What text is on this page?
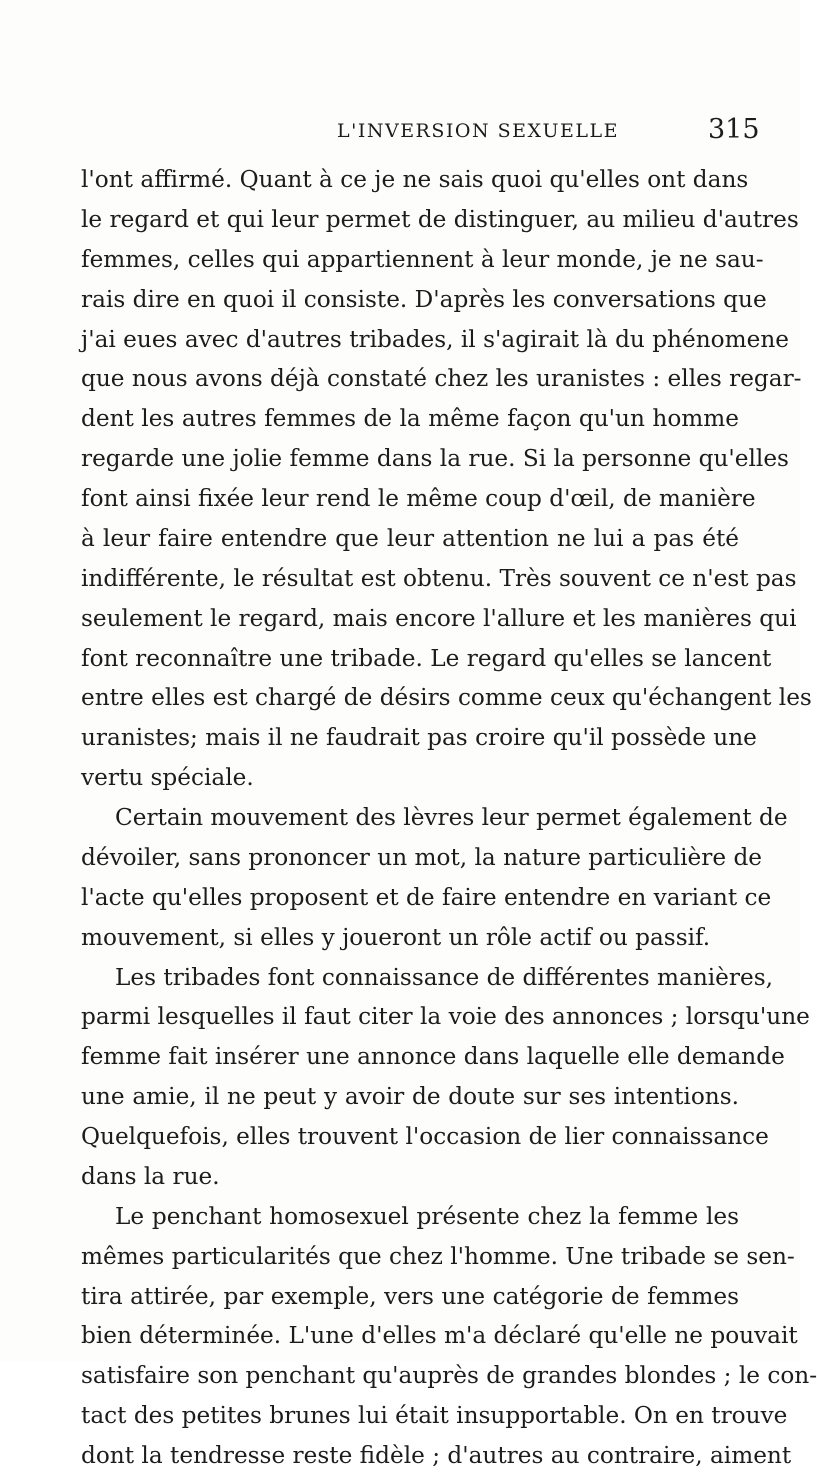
L'INVERSION SEXUELLE	315
l'ont affirmé. Quant à ce je ne sais quoi qu'elles ont dans
le regard et qui leur permet de distinguer, au milieu d'autres
femmes, celles qui appartiennent à leur monde, je ne sau-
rais dire en quoi il consiste. D'après les conversations que
j'ai eues avec d'autres tribades, il s'agirait là du phénomene
que nous avons déjà constaté chez les uranistes : elles regar-
dent les autres femmes de la même façon qu'un homme
regarde une jolie femme dans la rue. Si la personne qu'elles
font ainsi fixée leur rend le même coup d'œil, de manière
à leur faire entendre que leur attention ne lui a pas été
indifférente, le résultat est obtenu. Très souvent ce n'est pas
seulement le regard, mais encore l'allure et les manières qui
font reconnaître une tribade. Le regard qu'elles se lancent
entre elles est chargé de désirs comme ceux qu'échangent les
uranistes; mais il ne faudrait pas croire qu'il possède une
vertu spéciale.
Certain mouvement des lèvres leur permet également de
dévoiler, sans prononcer un mot, la nature particulière de
l'acte qu'elles proposent et de faire entendre en variant ce
mouvement, si elles y joueront un rôle actif ou passif.
Les tribades font connaissance de différentes manières,
parmi lesquelles il faut citer la voie des annonces ; lorsqu'une
femme fait insérer une annonce dans laquelle elle demande
une amie, il ne peut y avoir de doute sur ses intentions.
Quelquefois, elles trouvent l'occasion de lier connaissance
dans la rue.
Le penchant homosexuel présente chez la femme les
mêmes particularités que chez l'homme. Une tribade se sen-
tira attirée, par exemple, vers une catégorie de femmes
bien déterminée. L'une d'elles m'a déclaré qu'elle ne pouvait
satisfaire son penchant qu'auprès de grandes blondes ; le con-
tact des petites brunes lui était insupportable. On en trouve
dont la tendresse reste fidèle ; d'autres au contraire, aiment
